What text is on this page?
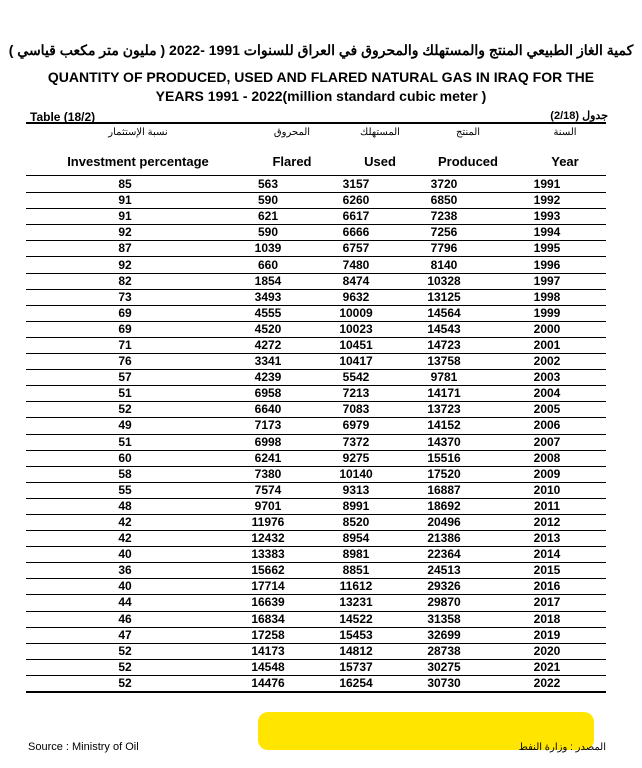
كمية الغاز الطبيعي المنتج والمستهلك والمحروق في العراق للسنوات 1991 -2022 ( مليون متر مكعب قياسي )
QUANTITY OF PRODUCED, USED AND FLARED NATURAL GAS IN IRAQ FOR THE
YEARS 1991 - 2022(million standard cubic meter )
Table (18/2)	جدول (2/18)
نسبة الإستثمار	المحروق	المستهلك	المنتج	السنة
Investment percentage	Flared	Used	Produced	Year
85	563	3157	3720	1991
91	590	6260	6850	1992
91	621	6617	7238	1993
92	590	6666	7256	1994
87	1039	6757	7796	1995
92	660	7480	8140	1996
82	1854	8474	10328	1997
73	3493	9632	13125	1998
69	4555	10009	14564	1999
69	4520	10023	14543	2000
71	4272	10451	14723	2001
76	3341	10417	13758	2002
57	4239	5542	9781	2003
51	6958	7213	14171	2004
52	6640	7083	13723	2005
49	7173	6979	14152	2006
51	6998	7372	14370	2007
60	6241	9275	15516	2008
58	7380	10140	17520	2009
55	7574	9313	16887	2010
48	9701	8991	18692	2011
42	11976	8520	20496	2012
42	12432	8954	21386	2013
40	13383	8981	22364	2014
36	15662	8851	24513	2015
40	17714	11612	29326	2016
44	16639	13231	29870	2017
46	16834	14522	31358	2018
47	17258	15453	32699	2019
52	14173	14812	28738	2020
52	14548	15737	30275	2021
52	14476	16254	30730	2022
Source : Ministry of Oil	المصدر : وزارة النفط
